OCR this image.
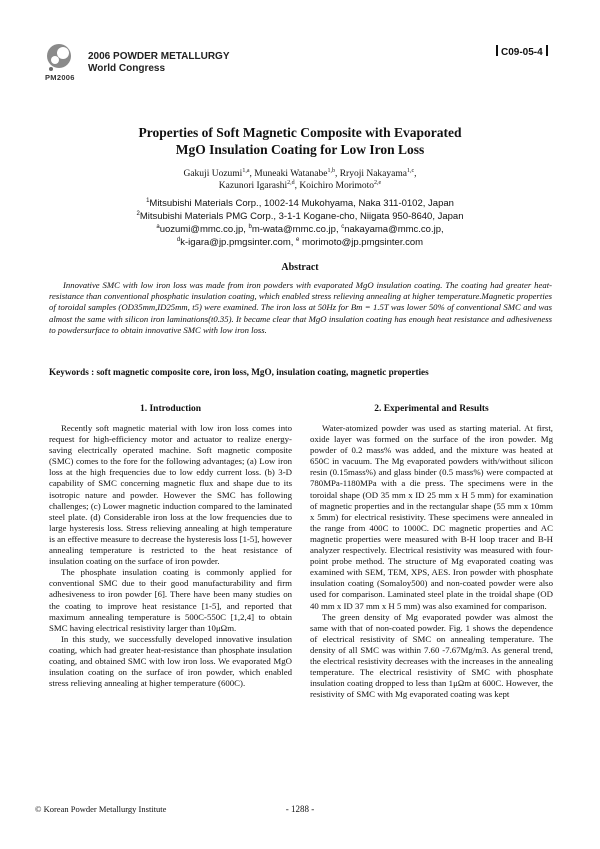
PM2006
2006 POWDER METALLURGY
World Congress
C09-05-4
Properties of Soft Magnetic Composite with Evaporated
MgO Insulation Coating for Low Iron Loss
Gakuji Uozumi$^{1,a}$, Muneaki Watanabe$^{1,b}$, Rryoji Nakayama$^{1,c}$,
Kazunori Igarashi$^{2,d}$, Koichiro Morimoto$^{2,e}$
$^1$Mitsubishi Materials Corp., 1002-14 Mukohyama, Naka 311-0102, Japan
$^2$Mitsubishi Materials PMG Corp., 3-1-1 Kogane-cho, Niigata 950-8640, Japan
$^a$uozumi@mmc.co.jp, $^b$m-wata@mmc.co.jp, $^c$nakayama@mmc.co.jp,
$^d$k-igara@jp.pmgsinter.com, $^e$ morimoto@jp.pmgsinter.com
Abstract

Innovative SMC with low iron loss was made from iron powders with evaporated MgO insulation coating. The coating had greater heat-resistance than conventional phosphatic insulation coating, which enabled stress relieving annealing at higher temperature.Magnetic properties of toroidal samples (OD35mm,ID25mm, t5) were examined. The iron loss at 50Hz for Bm = 1.5T was lower 50% of conventional SMC and was almost the same with silicon iron laminations(t0.35). It became clear that MgO insulation coating has enough heat resistance and adhesiveness to powdersurface to obtain innovative SMC with low iron loss.

Keywords : soft magnetic composite core, iron loss, MgO, insulation coating, magnetic properties
1. Introduction	2. Experimental and Results

Recently soft magnetic material with low iron loss comes into request for high-efficiency motor and actuator to realize energy-saving electrically operated machine. Soft magnetic composite (SMC) comes to the fore for the following advantages; (a) Low iron loss at the high frequencies due to low eddy current loss. (b) 3-D capability of SMC concerning magnetic flux and shape due to its isotropic nature and powder. However the SMC has following challenges; (c) Lower magnetic induction compared to the laminated steel plate. (d) Considerable iron loss at the low frequencies due to large hysteresis loss. Stress relieving annealing at high temperature is an effective measure to decrease the hysteresis loss [1-5], however annealing temperature is restricted to the heat resistance of insulation coating on the surface of iron powder.

The phosphate insulation coating is commonly applied for conventional SMC due to their good manufacturability and firm adhesiveness to iron powder [6]. There have been many studies on the coating to improve heat resistance [1-5], and reported that maximum annealing temperature is 500C-550C [1,2,4] to obtain SMC having electrical resistivity larger than 10μΩm.

In this study, we successfully developed innovative insulation coating, which had greater heat-resistance than phosphate insulation coating, and obtained SMC with low iron loss. We evaporated MgO insulation coating on the surface of iron powder, which enabled stress relieving annealing at higher temperature (600C).

Water-atomized powder was used as starting material. At first, oxide layer was formed on the surface of the iron powder. Mg powder of 0.2 mass% was added, and the mixture was heated at 650C in vacuum. The Mg evaporated powders with/without silicon resin (0.15mass%) and glass binder (0.5 mass%) were compacted at 780MPa-1180MPa with a die press. The specimens were in the toroidal shape (OD 35 mm x ID 25 mm x H 5 mm) for examination of magnetic properties and in the rectangular shape (55 mm x 10mm x 5mm) for electrical resistivity. These specimens were annealed in the range from 400C to 1000C. DC magnetic properties and AC magnetic properties were measured with B-H loop tracer and B-H analyzer respectively. Electrical resistivity was measured with four-point probe method. The structure of Mg evaporated coating was examined with SEM, TEM, XPS, AES. Iron powder with phosphate insulation coating (Somaloy500) and non-coated powder were also used for comparison. Laminated steel plate in the troidal shape (OD 40 mm x ID 37 mm x H 5 mm) was also examined for comparison.

The green density of Mg evaporated powder was almost the same with that of non-coated powder. Fig. 1 shows the dependence of electrical resistivity of SMC on annealing temperature. The density of all SMC was within 7.60 -7.67Mg/m3. As general trend, the electrical resistivity decreases with the increases in the annealing temperature. The electrical resistivity of SMC with phosphate insulation coating dropped to less than 1μΩm at 600C. However, the resistivity of SMC with Mg evaporated coating was kept

© Korean Powder Metallurgy Institute	- 1288 -
